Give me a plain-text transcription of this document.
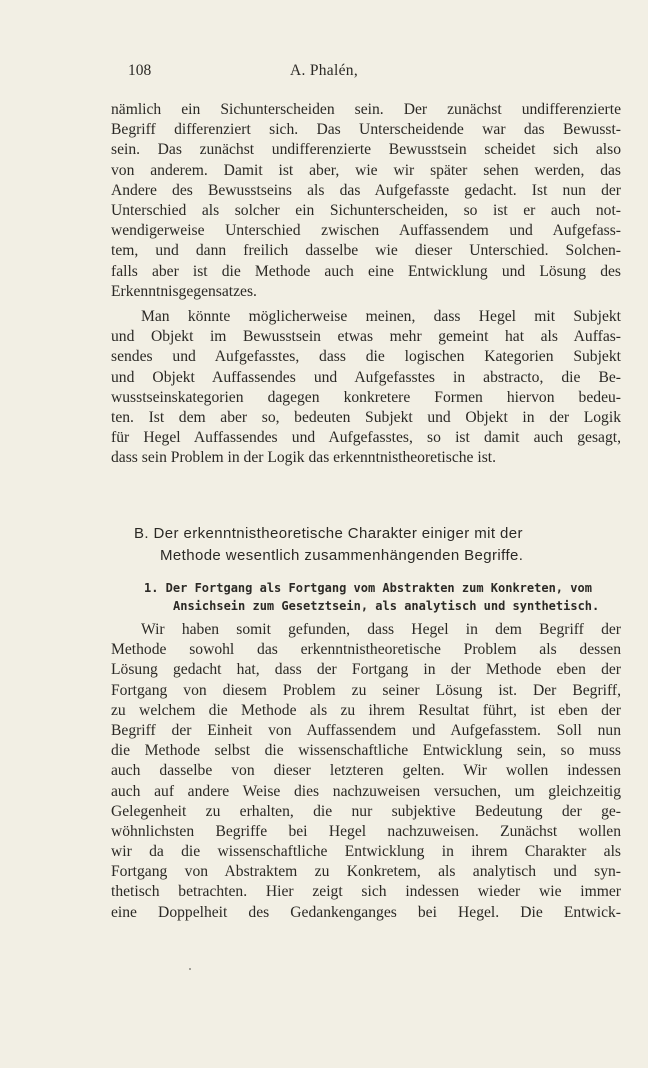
108	A. Phalén,
nämlich ein Sichunterscheiden sein. Der zunächst undifferenzierte
Begriff differenziert sich. Das Unterscheidende war das Bewusst-
sein. Das zunächst undifferenzierte Bewusstsein scheidet sich also
von anderem. Damit ist aber, wie wir später sehen werden, das
Andere des Bewusstseins als das Aufgefasste gedacht. Ist nun der
Unterschied als solcher ein Sichunterscheiden, so ist er auch not-
wendigerweise Unterschied zwischen Auffassendem und Aufgefass-
tem, und dann freilich dasselbe wie dieser Unterschied. Solchen-
falls aber ist die Methode auch eine Entwicklung und Lösung des
Erkenntnisgegensatzes.
Man könnte möglicherweise meinen, dass Hegel mit Subjekt
und Objekt im Bewusstsein etwas mehr gemeint hat als Auffas-
sendes und Aufgefasstes, dass die logischen Kategorien Subjekt
und Objekt Auffassendes und Aufgefasstes in abstracto, die Be-
wusstseinskategorien dagegen konkretere Formen hiervon bedeu-
ten. Ist dem aber so, bedeuten Subjekt und Objekt in der Logik
für Hegel Auffassendes und Aufgefasstes, so ist damit auch gesagt,
dass sein Problem in der Logik das erkenntnistheoretische ist.
B. Der erkenntnistheoretische Charakter einiger mit der
Methode wesentlich zusammenhängenden Begriffe.
1. Der Fortgang als Fortgang vom Abstrakten zum Konkreten, vom
Ansichsein zum Gesetztsein, als analytisch und synthetisch.
Wir haben somit gefunden, dass Hegel in dem Begriff der
Methode sowohl das erkenntnistheoretische Problem als dessen
Lösung gedacht hat, dass der Fortgang in der Methode eben der
Fortgang von diesem Problem zu seiner Lösung ist. Der Begriff,
zu welchem die Methode als zu ihrem Resultat führt, ist eben der
Begriff der Einheit von Auffassendem und Aufgefasstem. Soll nun
die Methode selbst die wissenschaftliche Entwicklung sein, so muss
auch dasselbe von dieser letzteren gelten. Wir wollen indessen
auch auf andere Weise dies nachzuweisen versuchen, um gleichzeitig
Gelegenheit zu erhalten, die nur subjektive Bedeutung der ge-
wöhnlichsten Begriffe bei Hegel nachzuweisen. Zunächst wollen
wir da die wissenschaftliche Entwicklung in ihrem Charakter als
Fortgang von Abstraktem zu Konkretem, als analytisch und syn-
thetisch betrachten. Hier zeigt sich indessen wieder wie immer
eine Doppelheit des Gedankenganges bei Hegel. Die Entwick-
